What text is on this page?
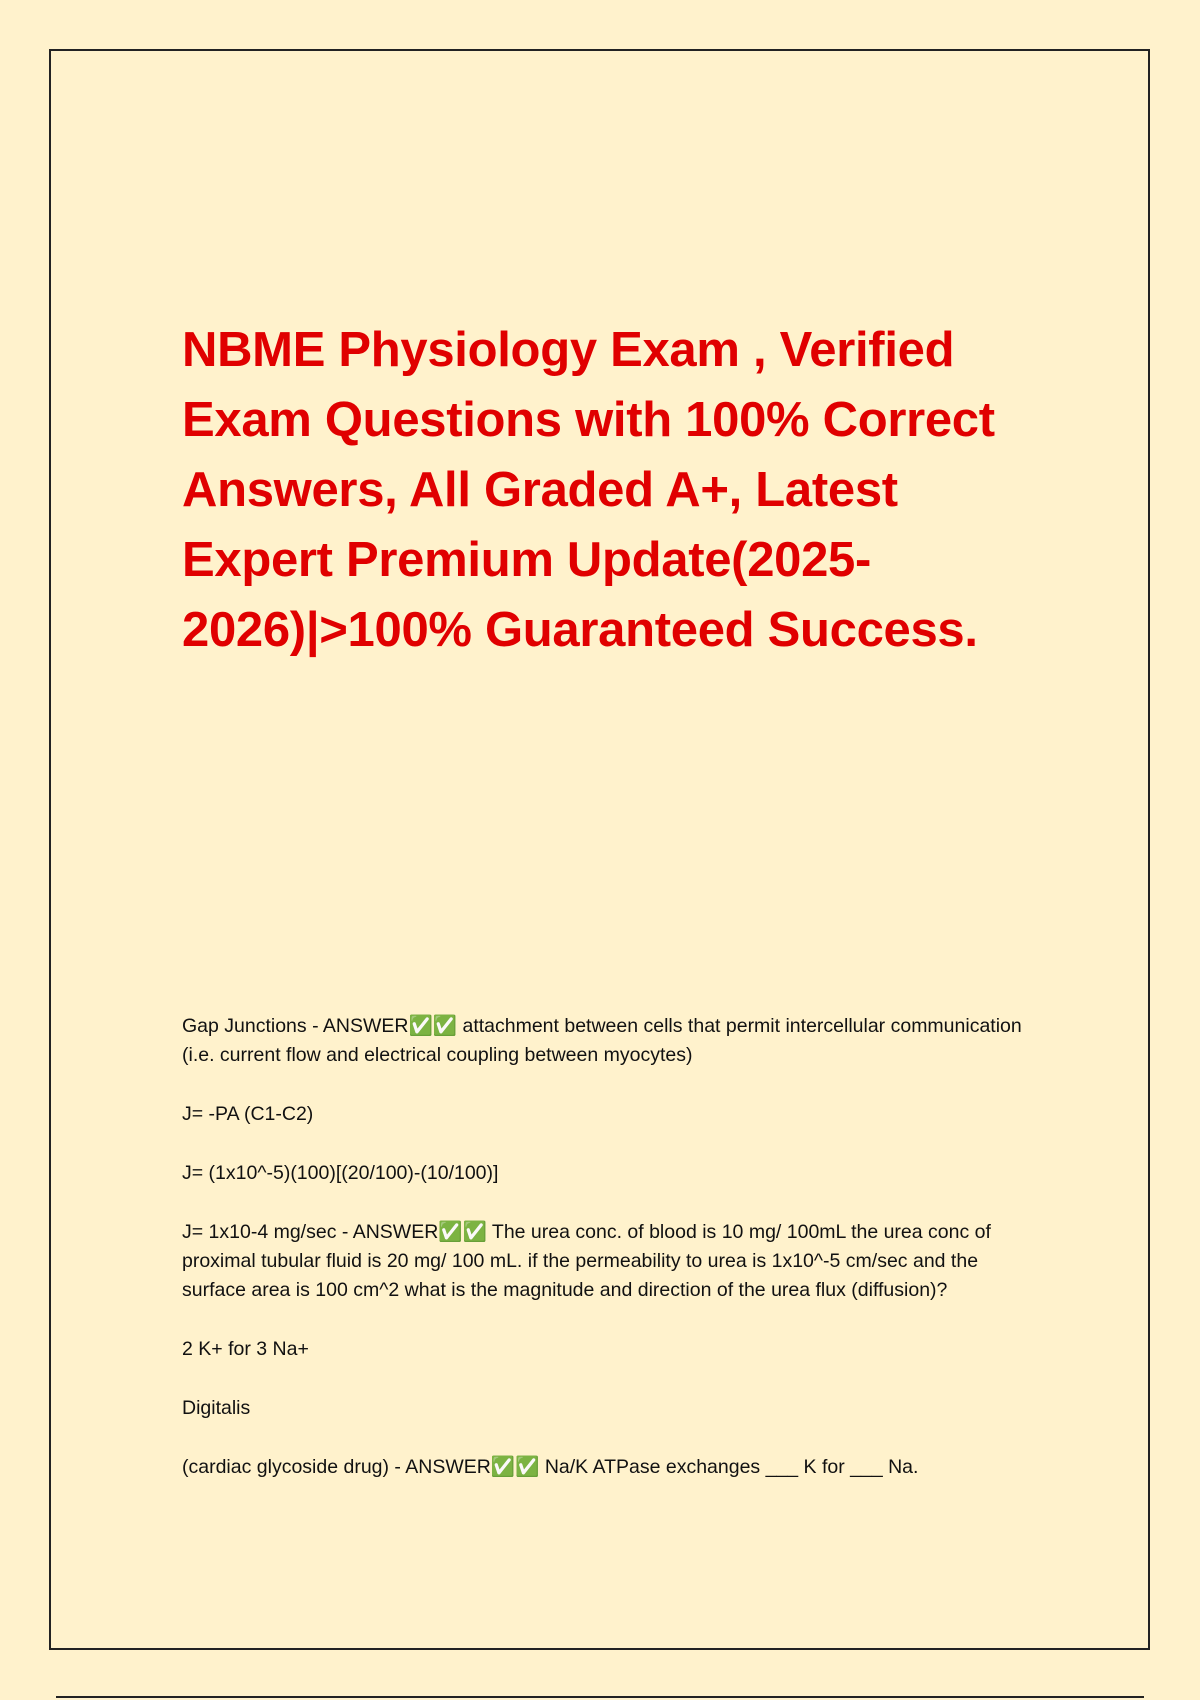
NBME Physiology Exam , Verified Exam Questions with 100% Correct Answers, All Graded A+, Latest Expert Premium Update(2025-2026)|>100% Guaranteed Success.

Gap Junctions - ANSWER✅✅ attachment between cells that permit intercellular communication (i.e. current flow and electrical coupling between myocytes)

J= -PA (C1-C2)

J= (1x10^-5)(100)[(20/100)-(10/100)]

J= 1x10-4 mg/sec - ANSWER✅✅ The urea conc. of blood is 10 mg/ 100mL the urea conc of proximal tubular fluid is 20 mg/ 100 mL. if the permeability to urea is 1x10^-5 cm/sec and the surface area is 100 cm^2 what is the magnitude and direction of the urea flux (diffusion)?

2 K+ for 3 Na+

Digitalis

(cardiac glycoside drug) - ANSWER✅✅ Na/K ATPase exchanges ___ K for ___ Na.
